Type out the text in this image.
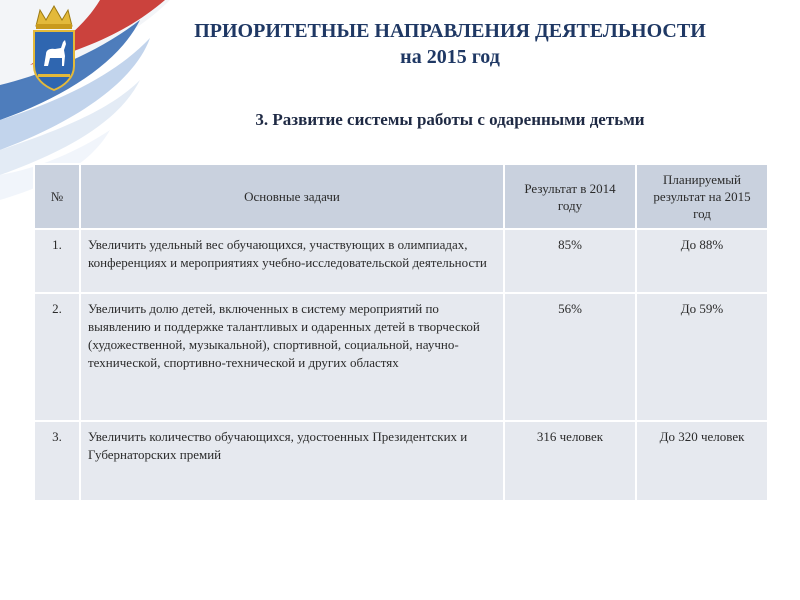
ПРИОРИТЕТНЫЕ НАПРАВЛЕНИЯ ДЕЯТЕЛЬНОСТИ
на 2015 год
3. Развитие системы работы с одаренными детьми
№	Основные задачи	Результат в 2014 году	Планируемый результат на 2015 год
1.	Увеличить удельный вес обучающихся, участвующих в олимпиадах, конференциях и мероприятиях учебно-исследовательской деятельности	85%	До 88%
2.	Увеличить долю детей, включенных в систему мероприятий по выявлению и поддержке талантливых и одаренных детей в творческой (художественной, музыкальной), спортивной, социальной, научно-технической, спортивно-технической и других областях	56%	До 59%
3.	Увеличить количество обучающихся, удостоенных Президентских и Губернаторских премий	316 человек	До 320 человек
